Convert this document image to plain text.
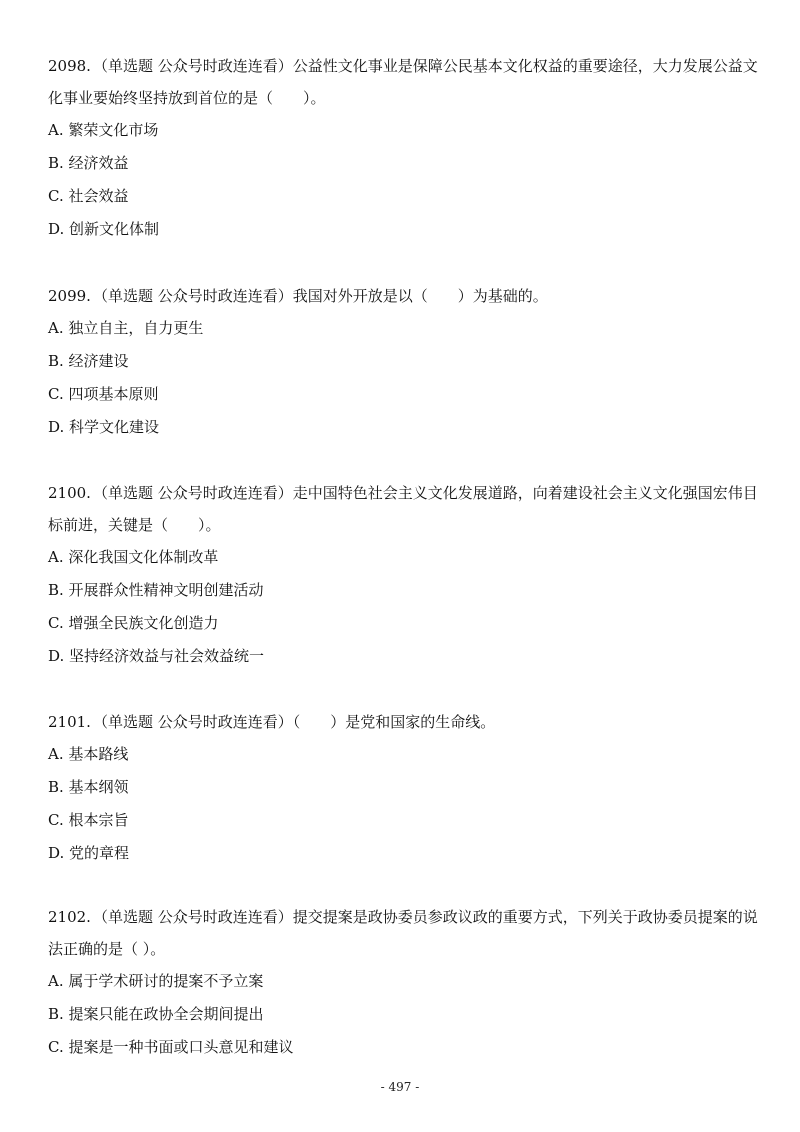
2098. （单选题 公众号时政连连看）公益性文化事业是保障公民基本文化权益的重要途径，大力发展公益文化事业要始终坚持放到首位的是（　　）。

A. 繁荣文化市场

B. 经济效益

C. 社会效益

D. 创新文化体制

2099. （单选题 公众号时政连连看）我国对外开放是以（　　）为基础的。

A. 独立自主，自力更生

B. 经济建设

C. 四项基本原则

D. 科学文化建设

2100. （单选题 公众号时政连连看）走中国特色社会主义文化发展道路，向着建设社会主义文化强国宏伟目标前进，关键是（　　）。

A. 深化我国文化体制改革

B. 开展群众性精神文明创建活动

C. 增强全民族文化创造力

D. 坚持经济效益与社会效益统一

2101. （单选题 公众号时政连连看）（　　）是党和国家的生命线。

A. 基本路线

B. 基本纲领

C. 根本宗旨

D. 党的章程

2102. （单选题 公众号时政连连看）提交提案是政协委员参政议政的重要方式，下列关于政协委员提案的说法正确的是（ ）。

A. 属于学术研讨的提案不予立案

B. 提案只能在政协全会期间提出

C. 提案是一种书面或口头意见和建议

- 497 -
